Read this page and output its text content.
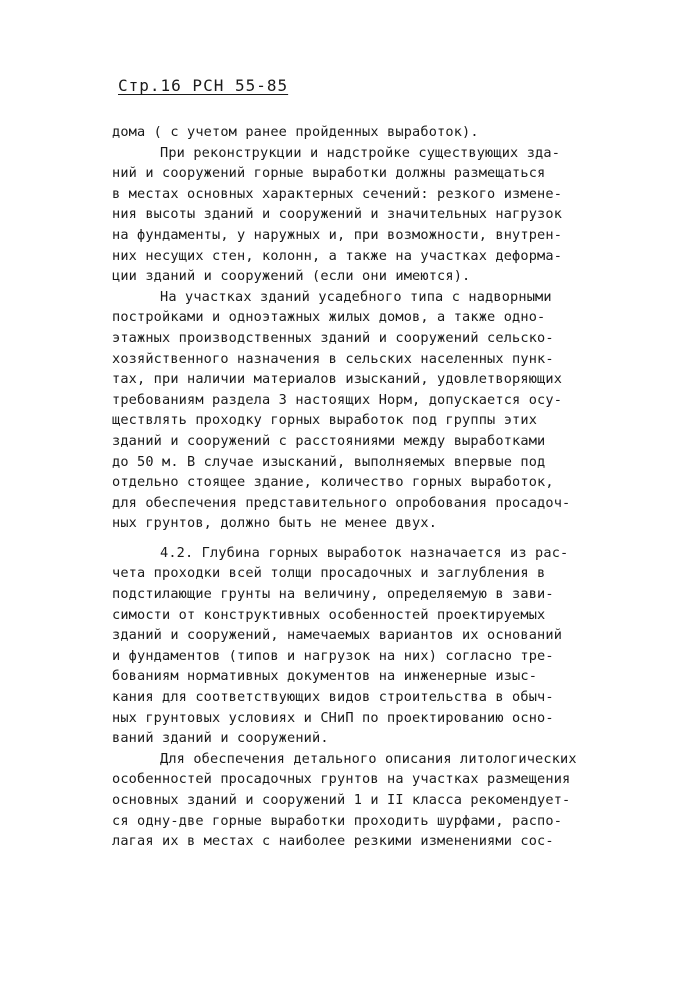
Стр.16 РСН 55-85
дома ( с учетом ранее пройденных выработок).
При реконструкции и надстройке существующих зда-
ний и сооружений горные выработки должны размещаться
в местах основных характерных сечений: резкого измене-
ния высоты зданий и сооружений и значительных нагрузок
на фундаменты, у наружных и, при возможности, внутрен-
них несущих стен, колонн, а также на участках деформа-
ции зданий и сооружений (если они имеются).
На участках зданий усадебного типа с надворными
постройками и одноэтажных жилых домов, а также одно-
этажных производственных зданий и сооружений сельско-
хозяйственного назначения в сельских населенных пунк-
тах, при наличии материалов изысканий, удовлетворяющих
требованиям раздела 3 настоящих Норм, допускается осу-
ществлять проходку горных выработок под группы этих
зданий и сооружений с расстояниями между выработками
до 50 м. В случае изысканий, выполняемых впервые под
отдельно стоящее здание, количество горных выработок,
для обеспечения представительного опробования просадоч-
ных грунтов, должно быть не менее двух.
4.2. Глубина горных выработок назначается из рас-
чета проходки всей толщи просадочных и заглубления в
подстилающие грунты на величину, определяемую в зави-
симости от конструктивных особенностей проектируемых
зданий и сооружений, намечаемых вариантов их оснований
и фундаментов (типов и нагрузок на них) согласно тре-
бованиям нормативных документов на инженерные изыс-
кания для соответствующих видов строительства в обыч-
ных грунтовых условиях и СНиП по проектированию осно-
ваний зданий и сооружений.
Для обеспечения детального описания литологических
особенностей просадочных грунтов на участках размещения
основных зданий и сооружений 1 и II класса рекомендует-
ся одну-две горные выработки проходить шурфами, распо-
лагая их в местах с наиболее резкими изменениями сос-
